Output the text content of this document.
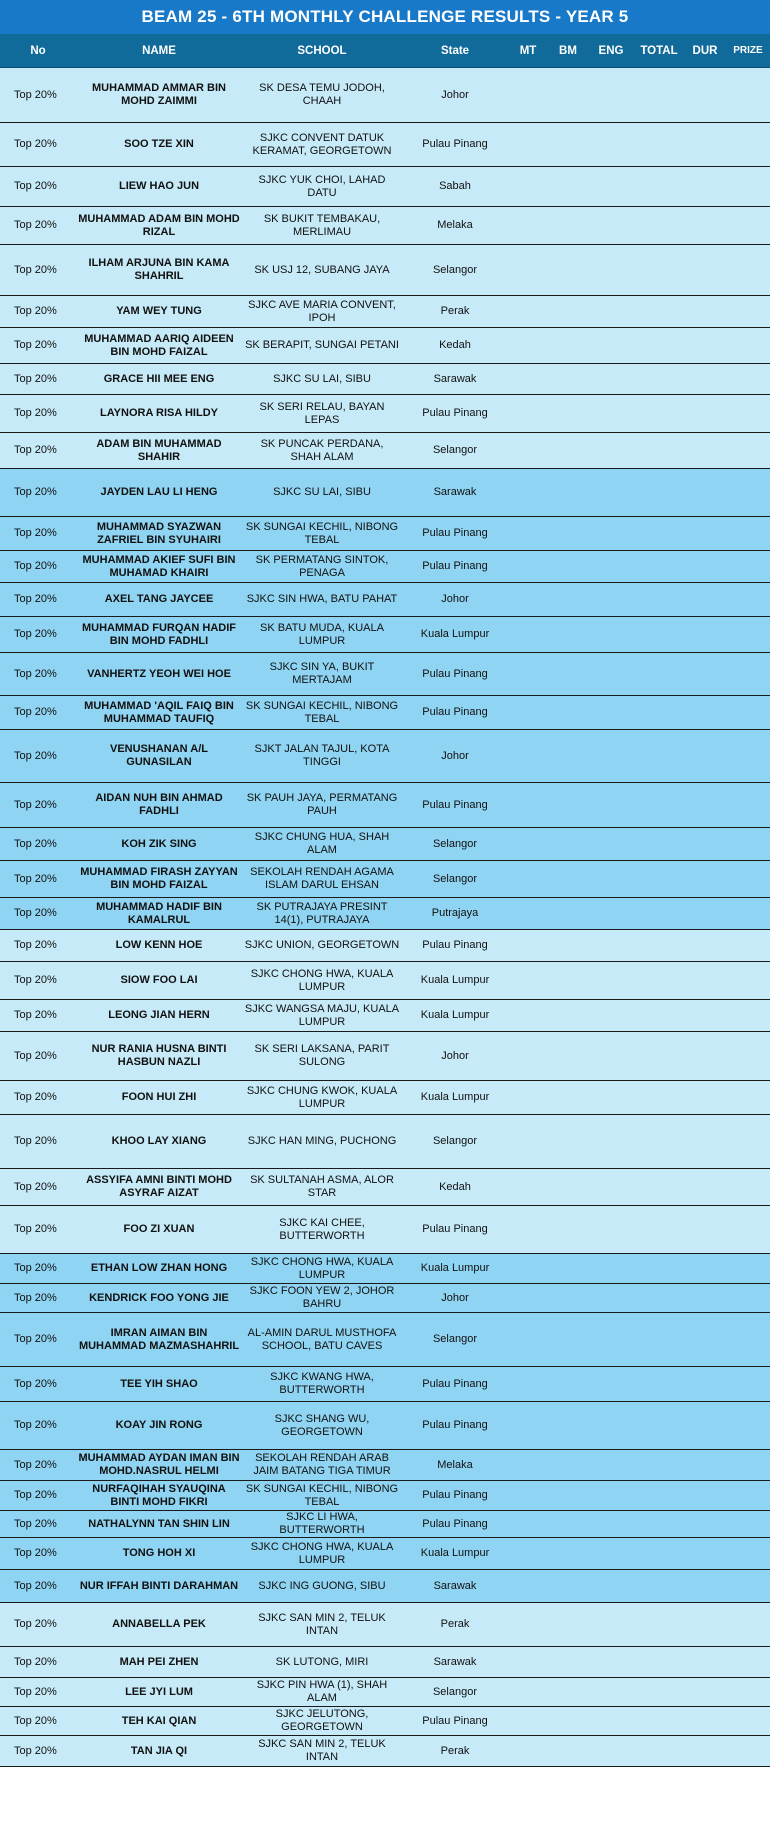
BEAM 25 - 6TH MONTHLY CHALLENGE RESULTS - YEAR 5
No	NAME	SCHOOL	State	MT	BM	ENG	TOTAL	DUR	PRIZE
Top 20%	MUHAMMAD AMMAR BIN MOHD ZAIMMI	SK DESA TEMU JODOH, CHAAH	Johor						
Top 20%	SOO TZE XIN	SJKC CONVENT DATUK KERAMAT, GEORGETOWN	Pulau Pinang						
Top 20%	LIEW HAO JUN	SJKC YUK CHOI, LAHAD DATU	Sabah						
Top 20%	MUHAMMAD ADAM BIN MOHD RIZAL	SK BUKIT TEMBAKAU, MERLIMAU	Melaka						
Top 20%	ILHAM ARJUNA BIN KAMA SHAHRIL	SK USJ 12, SUBANG JAYA	Selangor						
Top 20%	YAM WEY TUNG	SJKC AVE MARIA CONVENT, IPOH	Perak						
Top 20%	MUHAMMAD AARIQ AIDEEN BIN MOHD FAIZAL	SK BERAPIT, SUNGAI PETANI	Kedah						
Top 20%	GRACE HII MEE ENG	SJKC SU LAI, SIBU	Sarawak						
Top 20%	LAYNORA RISA HILDY	SK SERI RELAU, BAYAN LEPAS	Pulau Pinang						
Top 20%	ADAM BIN MUHAMMAD SHAHIR	SK PUNCAK PERDANA, SHAH ALAM	Selangor						
Top 20%	JAYDEN LAU LI HENG	SJKC SU LAI, SIBU	Sarawak						
Top 20%	MUHAMMAD SYAZWAN ZAFRIEL BIN SYUHAIRI	SK SUNGAI KECHIL, NIBONG TEBAL	Pulau Pinang						
Top 20%	MUHAMMAD AKIEF SUFI BIN MUHAMAD KHAIRI	SK PERMATANG SINTOK, PENAGA	Pulau Pinang						
Top 20%	AXEL TANG JAYCEE	SJKC SIN HWA, BATU PAHAT	Johor						
Top 20%	MUHAMMAD FURQAN HADIF BIN MOHD FADHLI	SK BATU MUDA, KUALA LUMPUR	Kuala Lumpur						
Top 20%	VANHERTZ YEOH WEI HOE	SJKC SIN YA, BUKIT MERTAJAM	Pulau Pinang						
Top 20%	MUHAMMAD 'AQIL FAIQ BIN MUHAMMAD TAUFIQ	SK SUNGAI KECHIL, NIBONG TEBAL	Pulau Pinang						
Top 20%	VENUSHANAN A/L GUNASILAN	SJKT JALAN TAJUL, KOTA TINGGI	Johor						
Top 20%	AIDAN NUH BIN AHMAD FADHLI	SK PAUH JAYA, PERMATANG PAUH	Pulau Pinang						
Top 20%	KOH ZIK SING	SJKC CHUNG HUA, SHAH ALAM	Selangor						
Top 20%	MUHAMMAD FIRASH ZAYYAN BIN MOHD FAIZAL	SEKOLAH RENDAH AGAMA ISLAM DARUL EHSAN	Selangor						
Top 20%	MUHAMMAD HADIF BIN KAMALRUL	SK PUTRAJAYA PRESINT 14(1), PUTRAJAYA	Putrajaya						
Top 20%	LOW KENN HOE	SJKC UNION, GEORGETOWN	Pulau Pinang						
Top 20%	SIOW FOO LAI	SJKC CHONG HWA, KUALA LUMPUR	Kuala Lumpur						
Top 20%	LEONG JIAN HERN	SJKC WANGSA MAJU, KUALA LUMPUR	Kuala Lumpur						
Top 20%	NUR RANIA HUSNA BINTI HASBUN NAZLI	SK SERI LAKSANA, PARIT SULONG	Johor						
Top 20%	FOON HUI ZHI	SJKC CHUNG KWOK, KUALA LUMPUR	Kuala Lumpur						
Top 20%	KHOO LAY XIANG	SJKC HAN MING, PUCHONG	Selangor						
Top 20%	ASSYIFA AMNI BINTI MOHD ASYRAF AIZAT	SK SULTANAH ASMA, ALOR STAR	Kedah						
Top 20%	FOO ZI XUAN	SJKC KAI CHEE, BUTTERWORTH	Pulau Pinang						
Top 20%	ETHAN LOW ZHAN HONG	SJKC CHONG HWA, KUALA LUMPUR	Kuala Lumpur						
Top 20%	KENDRICK FOO YONG JIE	SJKC FOON YEW 2, JOHOR BAHRU	Johor						
Top 20%	IMRAN AIMAN BIN MUHAMMAD MAZMASHAHRIL	AL-AMIN DARUL MUSTHOFA SCHOOL, BATU CAVES	Selangor						
Top 20%	TEE YIH SHAO	SJKC KWANG HWA, BUTTERWORTH	Pulau Pinang						
Top 20%	KOAY JIN RONG	SJKC SHANG WU, GEORGETOWN	Pulau Pinang						
Top 20%	MUHAMMAD AYDAN IMAN BIN MOHD.NASRUL HELMI	SEKOLAH RENDAH ARAB JAIM BATANG TIGA TIMUR	Melaka						
Top 20%	NURFAQIHAH SYAUQINA BINTI MOHD FIKRI	SK SUNGAI KECHIL, NIBONG TEBAL	Pulau Pinang						
Top 20%	NATHALYNN TAN SHIN LIN	SJKC LI HWA, BUTTERWORTH	Pulau Pinang						
Top 20%	TONG HOH XI	SJKC CHONG HWA, KUALA LUMPUR	Kuala Lumpur						
Top 20%	NUR IFFAH BINTI DARAHMAN	SJKC ING GUONG, SIBU	Sarawak						
Top 20%	ANNABELLA PEK	SJKC SAN MIN 2, TELUK INTAN	Perak						
Top 20%	MAH PEI ZHEN	SK LUTONG, MIRI	Sarawak						
Top 20%	LEE JYI LUM	SJKC PIN HWA (1), SHAH ALAM	Selangor						
Top 20%	TEH KAI QIAN	SJKC JELUTONG, GEORGETOWN	Pulau Pinang						
Top 20%	TAN JIA QI	SJKC SAN MIN 2, TELUK INTAN	Perak						
